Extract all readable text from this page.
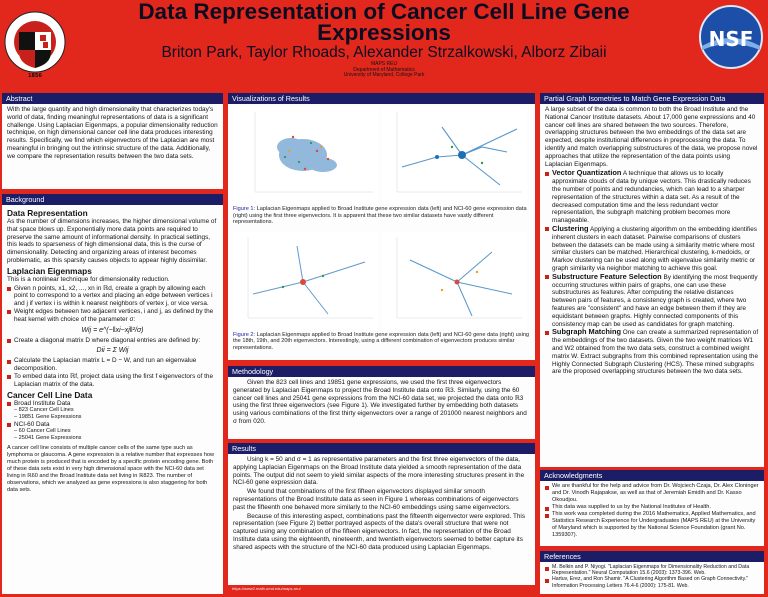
1856
Data Representation of Cancer Cell Line Gene Expressions
Briton Park, Taylor Rhoads, Alexander Strzalkowski, Alborz Zibaii
MAPS REU
Department of Mathematics
University of Maryland, College Park
NSF
Abstract
With the large quantity and high dimensionality that characterizes today's world of data, finding meaningful representations of data is a significant challenge. Using Laplacian Eigenmaps, a popular dimensionality reduction technique, on high dimensional cancer cell line data produces interesting results. Specifically, we find which eigenvectors of the Laplacian are most meaningful in bringing out the intrinsic structure of the data. Additionally, we compare the representation results between the two data sets.
Background
Data Representation

As the number of dimensions increases, the higher dimensional volume of that space blows up. Exponentially more data points are required to preserve the same amount of informational density. In practical settings, this leads to sparseness of high dimensional data, this is the curse of dimensionality. Detecting and organizing areas of interest becomes problematic, as this sparsity causes objects to appear highly dissimilar.

Laplacian Eigenmaps

This is a nonlinear technique for dimensionality reduction.

Given n points, x1, x2, ..., xn in ℝd, create a graph by allowing each point to correspond to a vertex and placing an edge between vertices i and j if vertex i is within k nearest neighbors of vertex j, or vice versa.
Weight edges between two adjacent vertices, i and j, as defined by the heat kernel with choice of the parameter σ:
Wij = e^(−‖xi−xj‖²/σ)
Create a diagonal matrix D where diagonal entries are defined by:
Dii = Σ Wij
Calculate the Laplacian matrix L = D − W, and run an eigenvalue decomposition.
To embed data into ℝf, project data using the first f eigenvectors of the Laplacian matrix of the data.
Cancer Cell Line Data
Broad Institute Data
– 823 Cancer Cell Lines
– 19851 Gene Expressions
NCI-60 Data
– 60 Cancer Cell Lines
– 25041 Gene Expressions

A cancer cell line consists of multiple cancer cells of the same type such as lymphoma or glaucoma. A gene expression is a relative number that expresses how much protein is produced that is encoded by a specific protein encoding gene. Both of these data sets exist in very high dimensional space with the NCI-60 data set living in ℝ60 and the Broad Institute data set living in ℝ823. The number of observations, which we analyzed as gene expressions is also staggering for both data sets.

Visualizations of Results
Figure 1: Laplacian Eigenmaps applied to Broad Institute gene expression data (left) and NCI-60 gene expression data (right) using the first three eigenvectors. It is apparent that these two similar datasets have vastly different representations.
Figure 2: Laplacian Eigenmaps applied to Broad Institute gene expression data (left) and NCI-60 gene data (right) using the 18th, 19th, and 20th eigenvectors. Interestingly, using a different combination of eigenvectors produces similar representations.
Methodology

Given the 823 cell lines and 19851 gene expressions, we used the first three eigenvectors generated by Laplacian Eigenmaps to project the Broad Institute data onto ℝ3. Similarly, using the 60 cancer cell lines and 25041 gene expressions from the NCI-60 data set, we projected the data onto ℝ3 using the first three eigenvectors (see Figure 1). We investigated further by embedding both datasets using various combinations of the first thirty eigenvectors over a range of 201000 nearest neighbors and σ from 020.

Results

Using k = 50 and σ = 1 as representative parameters and the first three eigenvectors of the data, applying Laplacian Eigenmaps on the Broad Institute data yielded a smooth representation of the data points. The output did not seem to yield similar aspects of the more interesting structures present in the NCI-60 gene expression data.

We found that combinations of the first fifteen eigenvectors displayed similar smooth representations of the Broad Institute data as seen in Figure 1 whereas combinations of eigenvectors past the fifteenth one behaved more similarly to the NCI-60 embeddings using same eigenvectors.

Because of this interesting aspect, combinations past the fifteenth eigenvector were explored. This representation (see Figure 2) better portrayed aspects of the data's overall structure that were not captured using any combination of the fifteen eigenvectors. In fact, the representation of the Broad Institute data using the eighteenth, nineteenth, and twentieth eigenvectors seemed to better capture its shared aspects with the structure of the NCI-60 data produced using Laplacian Eigenmaps.

https://www2.math.umd.edu/maps-reu/
Partial Graph Isometries to Match Gene Expression Data

A large subset of the data is common to both the Broad Institute and the National Cancer Institute datasets. About 17,000 gene expressions and 40 cancer cell lines are shared between the two sources. Therefore, overlapping structures between the two embeddings of the data set are expected, despite institutional differences in preprocessing the data. To identify and match overlapping substructures of the data, we propose novel approaches that utilize the representation of the data points using Laplacian Eigenmaps.

Vector Quantization A technique that allows us to locally approximate clouds of data by unique vectors. This drastically reduces the number of points and redundancies, which can lead to a sharper representation of the structures within a data set. As a result of the decreased computation time and the less redundant vector representation, the subgraph matching problem becomes more manageable.
Clustering Applying a clustering algorithm on the embedding identifies inherent clusters in each dataset. Pairwise comparisons of clusters between the datasets can be made using a similarity metric where most similar clusters can be matched. Hierarchical clustering, k-medoids, or Markov clustering can be used along with eigenvalue similarity metric or graph similarity via neighbor matching to achieve this goal.
Substructure Feature Selection By identifying the most frequently occurring structures within pairs of graphs, one can use these substructures as features. After computing the relative distances between pairs of features, a consistency graph is created, where two features are "consistent" and have an edge between them if they are equidistant between graphs. Highly connected components of this consistency map can be used as candidates for graph matching.
Subgraph Matching One can create a summarized representation of the embeddings of the two datasets. Given the two weight matrices W1 and W2 obtained from the two data sets, construct a combined weight matrix W. Extract subgraphs from this combined representation using the Highly Connected Subgraph Clustering (HCS). These mined subgraphs are the proposed overlapping structures between the two data sets.
Acknowledgments
We are thankful for the help and advice from Dr. Wojciech Czaja, Dr. Alex Cloninger and Dr. Vinodh Rajapakse, as well as that of Jeremiah Emidih and Dr. Kasso Okoudjou.
This data was supplied to us by the National Institutes of Health.
This work was completed during the 2016 Mathematics, Applied Mathematics, and Statistics Research Experience for Undergraduates (MAPS REU) at the University of Maryland which is supported by the National Science Foundation (grant No. 1359307).
References
M. Belkin and P. Niyogi. "Laplacian Eigenmaps for Dimensionality Reduction and Data Representation." Neural Computation 15.6 (2003): 1373-396. Web.
Hartuv, Erez, and Ron Shamir. "A Clustering Algorithm Based on Graph Connectivity." Information Processing Letters 76.4-6 (2000): 175-81. Web.
